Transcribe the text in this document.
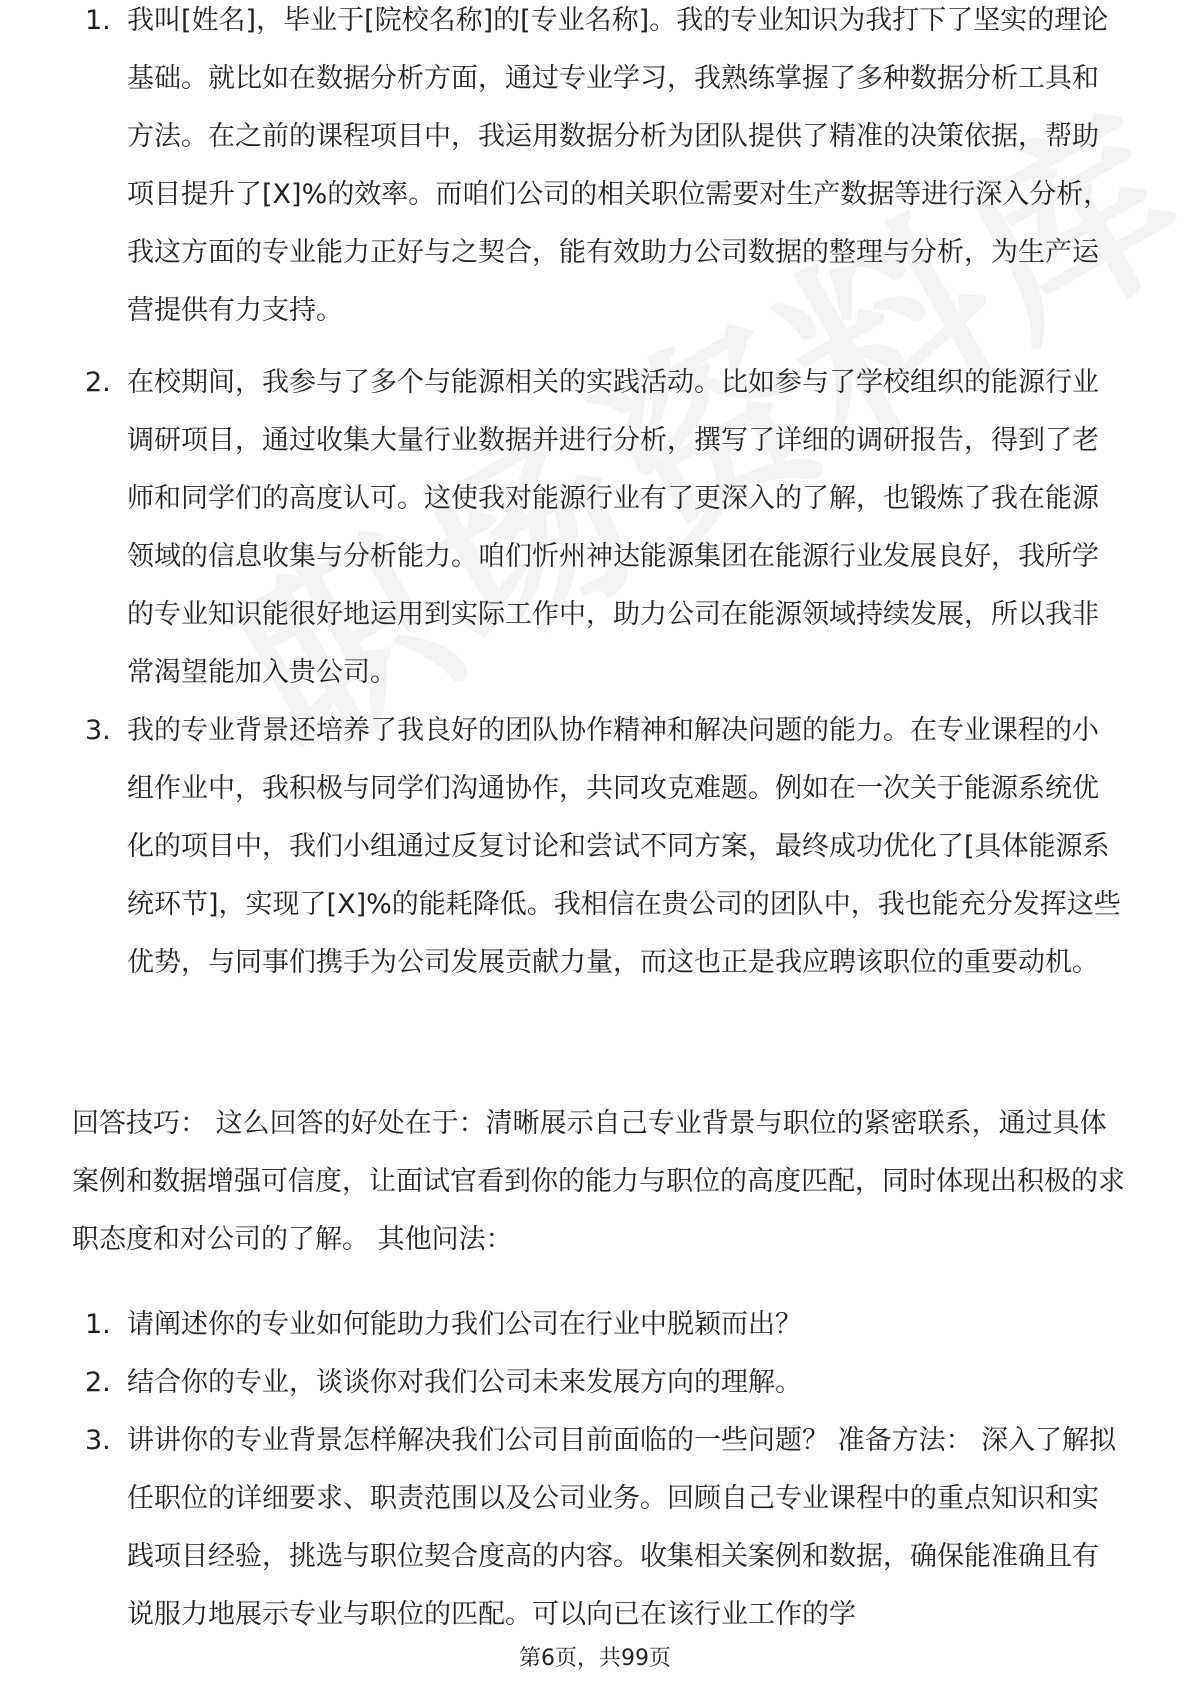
1. 我叫[姓名]，毕业于[院校名称]的[专业名称]。我的专业知识为我打下了坚实的理论基础。就比如在数据分析方面，通过专业学习，我熟练掌握了多种数据分析工具和方法。在之前的课程项目中，我运用数据分析为团队提供了精准的决策依据，帮助项目提升了[X]%的效率。而咱们公司的相关职位需要对生产数据等进行深入分析，我这方面的专业能力正好与之契合，能有效助力公司数据的整理与分析，为生产运营提供有力支持。
2. 在校期间，我参与了多个与能源相关的实践活动。比如参与了学校组织的能源行业调研项目，通过收集大量行业数据并进行分析，撰写了详细的调研报告，得到了老师和同学们的高度认可。这使我对能源行业有了更深入的了解，也锻炼了我在能源领域的信息收集与分析能力。咱们忻州神达能源集团在能源行业发展良好，我所学的专业知识能很好地运用到实际工作中，助力公司在能源领域持续发展，所以我非常渴望能加入贵公司。
3. 我的专业背景还培养了我良好的团队协作精神和解决问题的能力。在专业课程的小组作业中，我积极与同学们沟通协作，共同攻克难题。例如在一次关于能源系统优化的项目中，我们小组通过反复讨论和尝试不同方案，最终成功优化了[具体能源系统环节]，实现了[X]%的能耗降低。我相信在贵公司的团队中，我也能充分发挥这些优势，与同事们携手为公司发展贡献力量，而这也正是我应聘该职位的重要动机。

回答技巧： 这么回答的好处在于：清晰展示自己专业背景与职位的紧密联系，通过具体案例和数据增强可信度，让面试官看到你的能力与职位的高度匹配，同时体现出积极的求职态度和对公司的了解。 其他问法：

1. 请阐述你的专业如何能助力我们公司在行业中脱颖而出？
2. 结合你的专业，谈谈你对我们公司未来发展方向的理解。
3. 讲讲你的专业背景怎样解决我们公司目前面临的一些问题？ 准备方法： 深入了解拟任职位的详细要求、职责范围以及公司业务。回顾自己专业课程中的重点知识和实践项目经验，挑选与职位契合度高的内容。收集相关案例和数据，确保能准确且有说服力地展示专业与职位的匹配。可以向已在该行业工作的学
第6页，共99页
